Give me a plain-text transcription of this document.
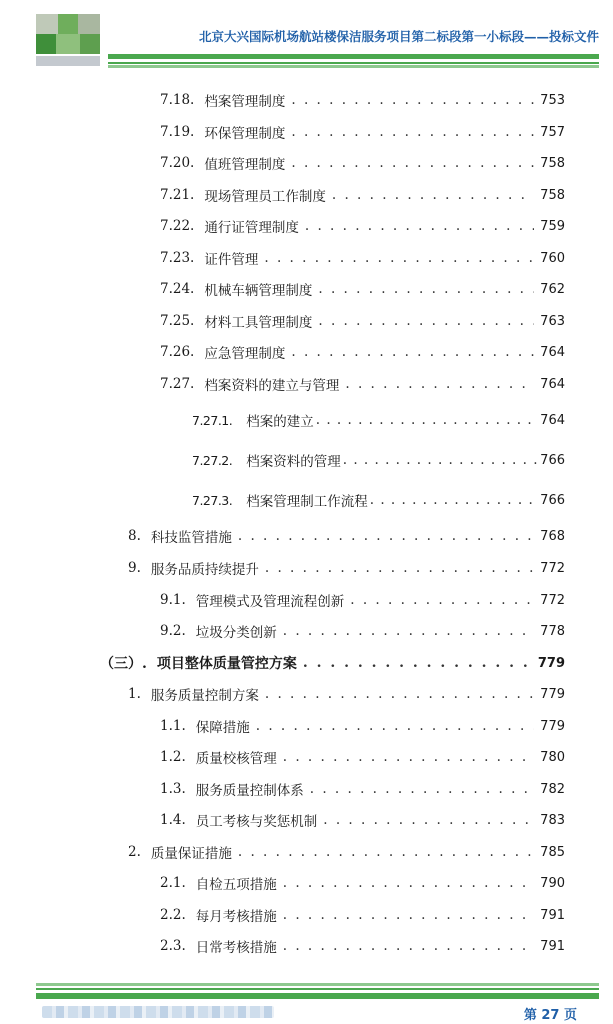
北京大兴国际机场航站楼保洁服务项目第二标段第一小标段——投标文件
7.18. 档案管理制度 . . .	753
7.19. 环保管理制度 . . .	757
7.20. 值班管理制度 . . .	758
7.21. 现场管理员工作制度 . . .	758
7.22. 通行证管理制度 . . .	759
7.23. 证件管理 . . .	760
7.24. 机械车辆管理制度 . . .	762
7.25. 材料工具管理制度 . . .	763
7.26. 应急管理制度 . . .	764
7.27. 档案资料的建立与管理 . . .	764
7.27.1. 档案的建立 . . .	764
7.27.2. 档案资料的管理 . . .	766
7.27.3. 档案管理制工作流程 . . .	766
8. 科技监管措施 . . .	768
9. 服务品质持续提升 . . .	772
9.1. 管理模式及管理流程创新 . . .	772
9.2. 垃圾分类创新 . . .	778
（三）. 项目整体质量管控方案 . . .	779
1. 服务质量控制方案 . . .	779
1.1. 保障措施 . . .	779
1.2. 质量校核管理 . . .	780
1.3. 服务质量控制体系 . . .	782
1.4. 员工考核与奖惩机制 . . .	783
2. 质量保证措施 . . .	785
2.1. 自检五项措施 . . .	790
2.2. 每月考核措施 . . .	791
2.3. 日常考核措施 . . .	791
第 27 页
